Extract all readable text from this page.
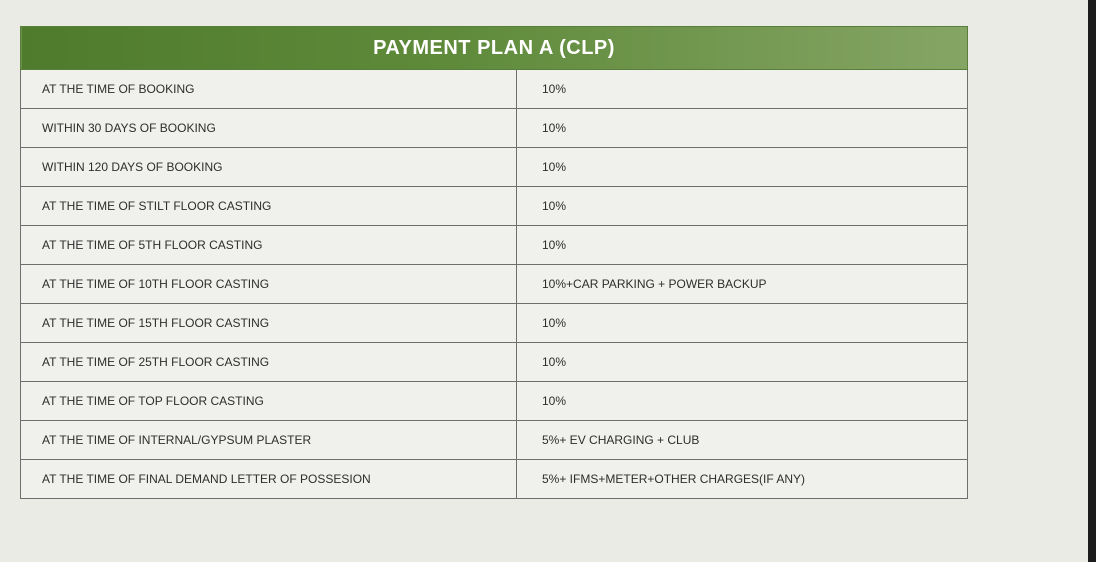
PAYMENT PLAN A (CLP)	
AT THE TIME OF BOOKING	10%
WITHIN 30 DAYS OF BOOKING	10%
WITHIN 120 DAYS OF BOOKING	10%
AT THE TIME OF STILT FLOOR CASTING	10%
AT THE TIME OF 5TH FLOOR CASTING	10%
AT THE TIME OF 10TH FLOOR CASTING	10%+CAR PARKING + POWER BACKUP
AT THE TIME OF 15TH FLOOR CASTING	10%
AT THE TIME OF 25TH FLOOR CASTING	10%
AT THE TIME OF TOP FLOOR CASTING	10%
AT THE TIME OF INTERNAL/GYPSUM PLASTER	5%+ EV CHARGING + CLUB
AT THE TIME OF FINAL DEMAND LETTER OF POSSESION	5%+ IFMS+METER+OTHER CHARGES(IF ANY)
